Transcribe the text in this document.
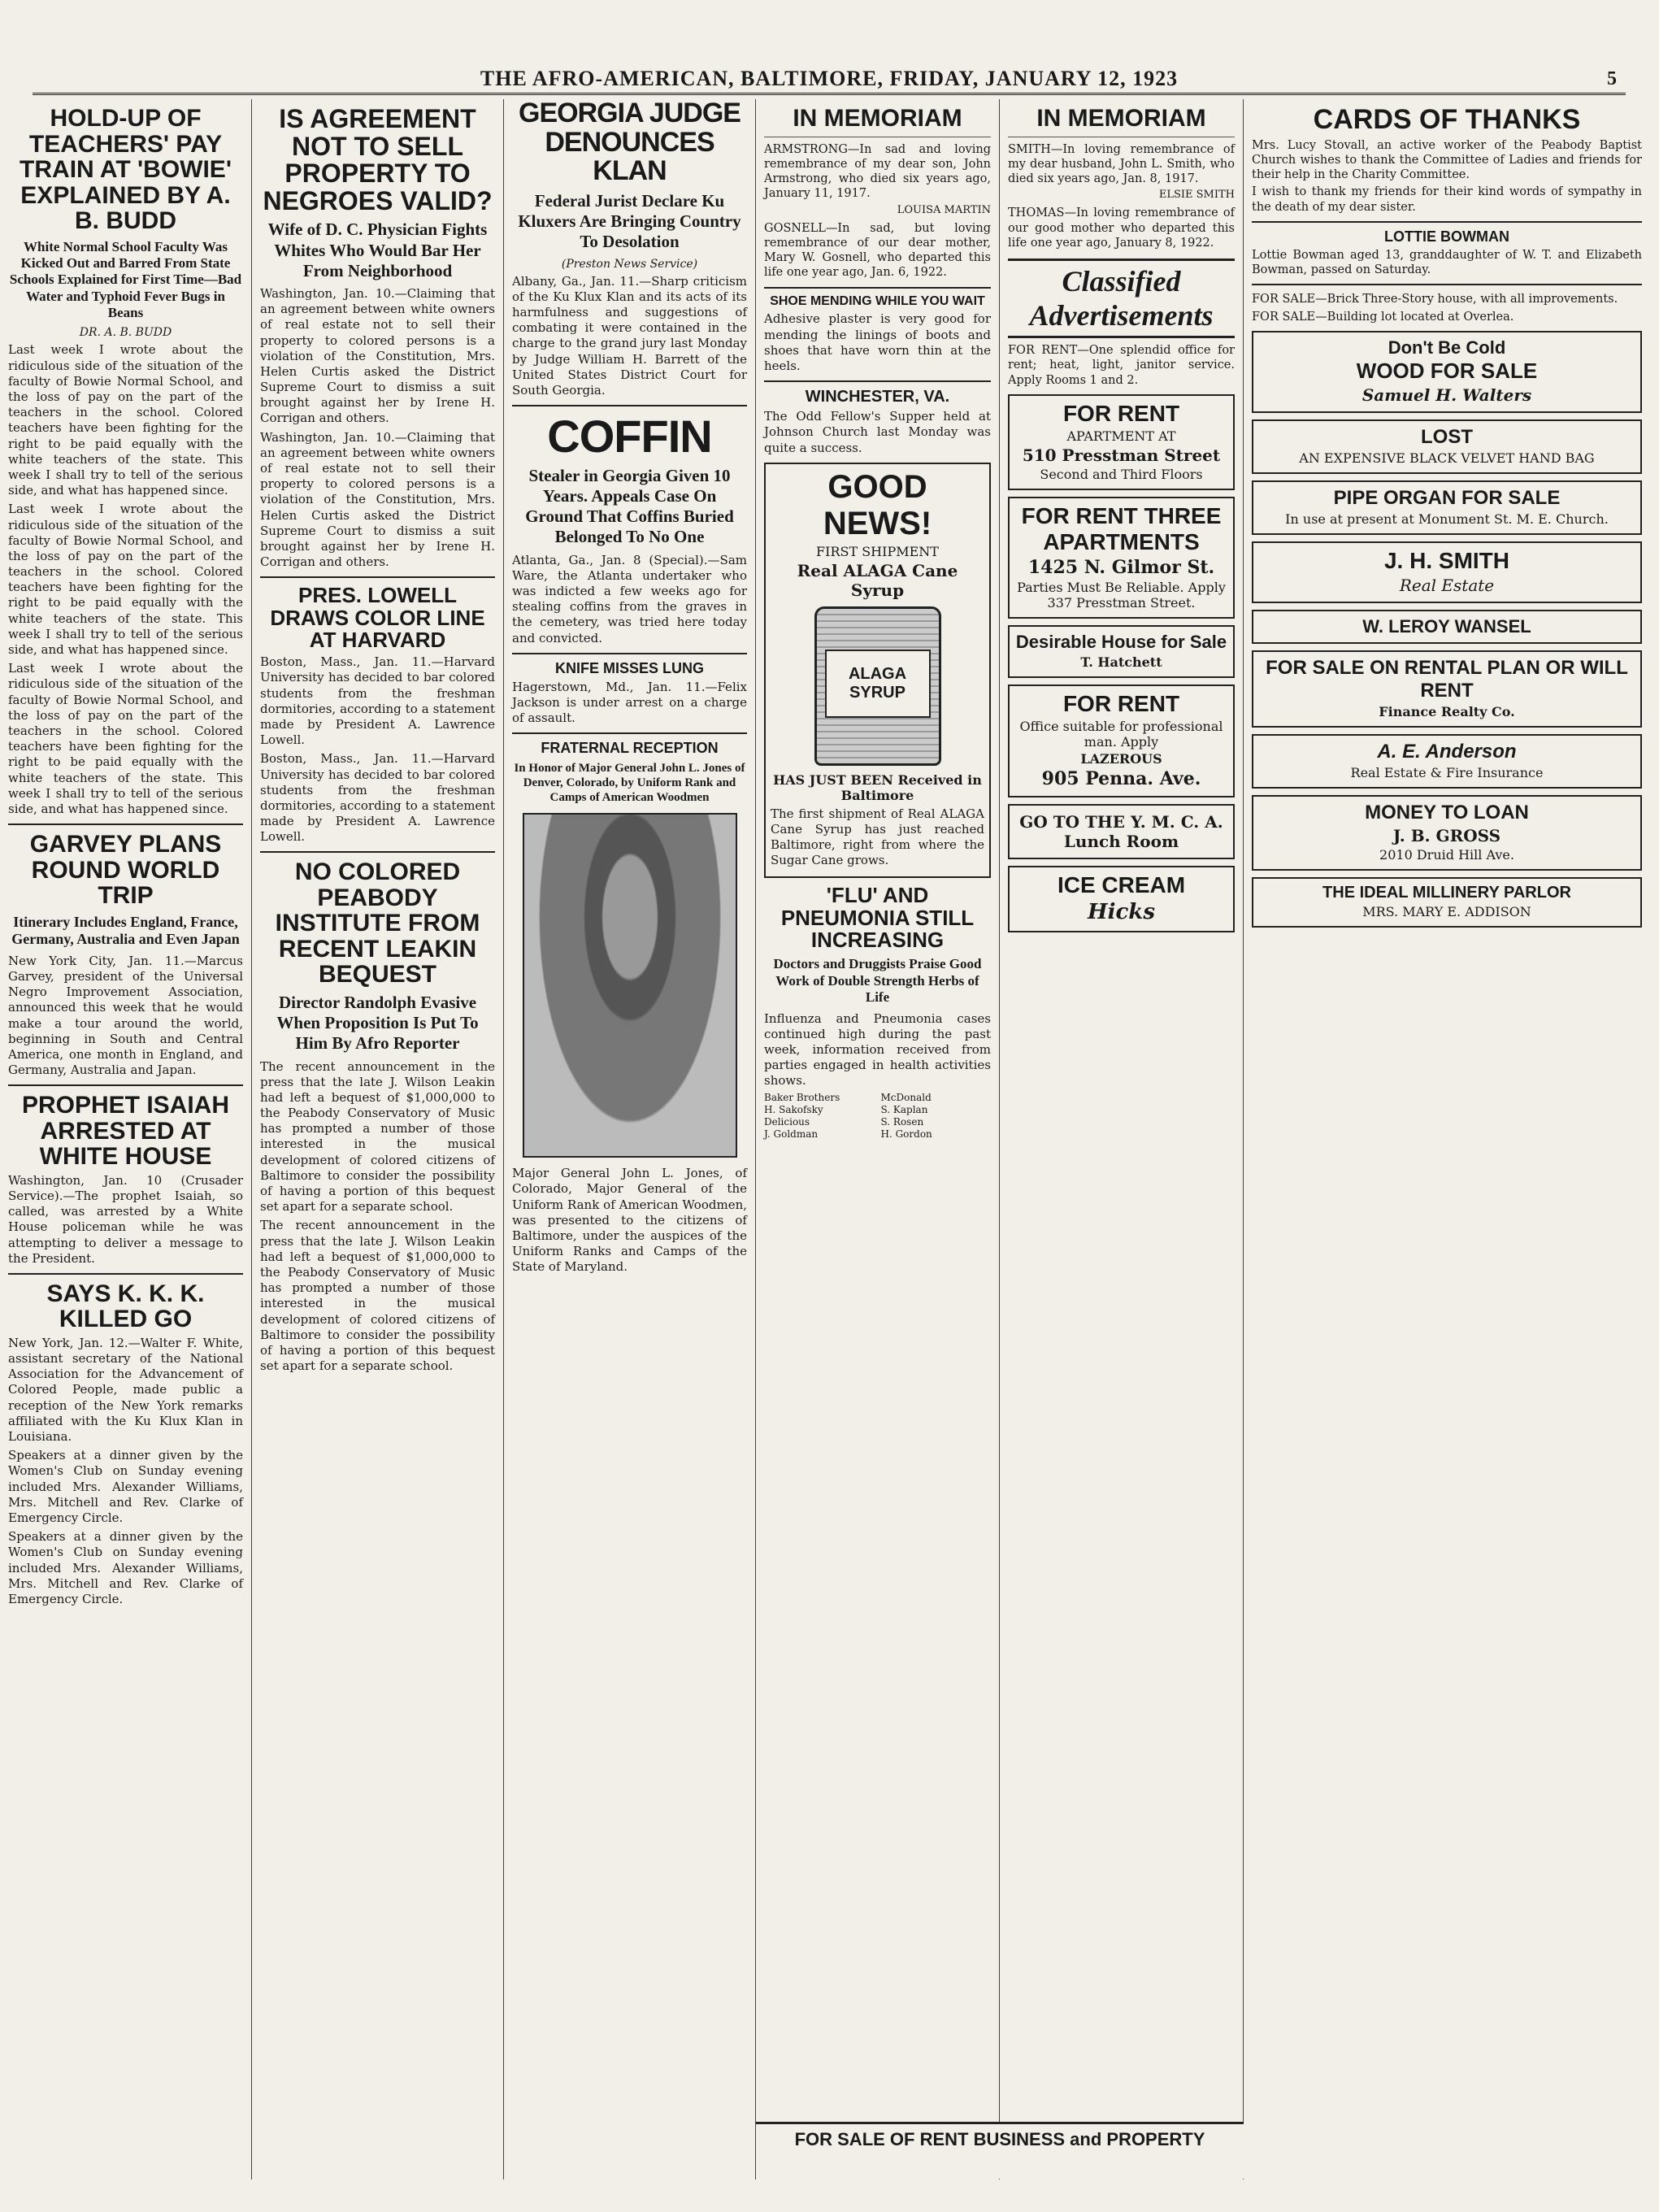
THE AFRO-AMERICAN, BALTIMORE, FRIDAY, JANUARY 12, 1923	5
HOLD-UP OF TEACHERS' PAY TRAIN AT 'BOWIE' EXPLAINED BY A. B. BUDD
White Normal School Faculty Was Kicked Out and Barred From State Schools Explained for First Time—Bad Water and Typhoid Fever Bugs in Beans
DR. A. B. BUDD

Last week I wrote about the ridiculous side of the situation of the faculty of Bowie Normal School, and the loss of pay on the part of the teachers in the school. Colored teachers have been fighting for the right to be paid equally with the white teachers of the state. This week I shall try to tell of the serious side, and what has happened since.

Last week I wrote about the ridiculous side of the situation of the faculty of Bowie Normal School, and the loss of pay on the part of the teachers in the school. Colored teachers have been fighting for the right to be paid equally with the white teachers of the state. This week I shall try to tell of the serious side, and what has happened since.

Last week I wrote about the ridiculous side of the situation of the faculty of Bowie Normal School, and the loss of pay on the part of the teachers in the school. Colored teachers have been fighting for the right to be paid equally with the white teachers of the state. This week I shall try to tell of the serious side, and what has happened since.

GARVEY PLANS ROUND WORLD TRIP
Itinerary Includes England, France, Germany, Australia and Even Japan

New York City, Jan. 11.—Marcus Garvey, president of the Universal Negro Improvement Association, announced this week that he would make a tour around the world, beginning in South and Central America, one month in England, and Germany, Australia and Japan.

PROPHET ISAIAH ARRESTED AT WHITE HOUSE

Washington, Jan. 10 (Crusader Service).—The prophet Isaiah, so called, was arrested by a White House policeman while he was attempting to deliver a message to the President.

SAYS K. K. K. KILLED GO

New York, Jan. 12.—Walter F. White, assistant secretary of the National Association for the Advancement of Colored People, made public a reception of the New York remarks affiliated with the Ku Klux Klan in Louisiana.

Speakers at a dinner given by the Women's Club on Sunday evening included Mrs. Alexander Williams, Mrs. Mitchell and Rev. Clarke of Emergency Circle.

Speakers at a dinner given by the Women's Club on Sunday evening included Mrs. Alexander Williams, Mrs. Mitchell and Rev. Clarke of Emergency Circle.

IS AGREEMENT NOT TO SELL PROPERTY TO NEGROES VALID?
Wife of D. C. Physician Fights Whites Who Would Bar Her From Neighborhood

Washington, Jan. 10.—Claiming that an agreement between white owners of real estate not to sell their property to colored persons is a violation of the Constitution, Mrs. Helen Curtis asked the District Supreme Court to dismiss a suit brought against her by Irene H. Corrigan and others.

Washington, Jan. 10.—Claiming that an agreement between white owners of real estate not to sell their property to colored persons is a violation of the Constitution, Mrs. Helen Curtis asked the District Supreme Court to dismiss a suit brought against her by Irene H. Corrigan and others.

PRES. LOWELL DRAWS COLOR LINE AT HARVARD

Boston, Mass., Jan. 11.—Harvard University has decided to bar colored students from the freshman dormitories, according to a statement made by President A. Lawrence Lowell.

Boston, Mass., Jan. 11.—Harvard University has decided to bar colored students from the freshman dormitories, according to a statement made by President A. Lawrence Lowell.

NO COLORED PEABODY INSTITUTE FROM RECENT LEAKIN BEQUEST
Director Randolph Evasive When Proposition Is Put To Him By Afro Reporter

The recent announcement in the press that the late J. Wilson Leakin had left a bequest of $1,000,000 to the Peabody Conservatory of Music has prompted a number of those interested in the musical development of colored citizens of Baltimore to consider the possibility of having a portion of this bequest set apart for a separate school.

The recent announcement in the press that the late J. Wilson Leakin had left a bequest of $1,000,000 to the Peabody Conservatory of Music has prompted a number of those interested in the musical development of colored citizens of Baltimore to consider the possibility of having a portion of this bequest set apart for a separate school.

GEORGIA JUDGE DENOUNCES KLAN
Federal Jurist Declare Ku Kluxers Are Bringing Country To Desolation
(Preston News Service)

Albany, Ga., Jan. 11.—Sharp criticism of the Ku Klux Klan and its acts of its harmfulness and suggestions of combating it were contained in the charge to the grand jury last Monday by Judge William H. Barrett of the United States District Court for South Georgia.

COFFIN
Stealer in Georgia Given 10 Years. Appeals Case On Ground That Coffins Buried Belonged To No One

Atlanta, Ga., Jan. 8 (Special).—Sam Ware, the Atlanta undertaker who was indicted a few weeks ago for stealing coffins from the graves in the cemetery, was tried here today and convicted.

KNIFE MISSES LUNG

Hagerstown, Md., Jan. 11.—Felix Jackson is under arrest on a charge of assault.

FRATERNAL RECEPTION
In Honor of Major General John L. Jones of Denver, Colorado, by Uniform Rank and Camps of American Woodmen

Major General John L. Jones, of Colorado, Major General of the Uniform Rank of American Woodmen, was presented to the citizens of Baltimore, under the auspices of the Uniform Ranks and Camps of the State of Maryland.

IN MEMORIAM

ARMSTRONG—In sad and loving remembrance of my dear son, John Armstrong, who died six years ago, January 11, 1917.

LOUISA MARTIN

GOSNELL—In sad, but loving remembrance of our dear mother, Mary W. Gosnell, who departed this life one year ago, Jan. 6, 1922.

SHOE MENDING WHILE YOU WAIT

Adhesive plaster is very good for mending the linings of boots and shoes that have worn thin at the heels.

WINCHESTER, VA.

The Odd Fellow's Supper held at Johnson Church last Monday was quite a success.

GOOD NEWS!
FIRST SHIPMENT
Real ALAGA Cane Syrup
ALAGA SYRUP
HAS JUST BEEN Received in Baltimore

The first shipment of Real ALAGA Cane Syrup has just reached Baltimore, right from where the Sugar Cane grows.

'FLU' AND PNEUMONIA STILL INCREASING
Doctors and Druggists Praise Good Work of Double Strength Herbs of Life

Influenza and Pneumonia cases continued high during the past week, information received from parties engaged in health activities shows.

Baker Brothers
H. Sakofsky
Delicious
J. Goldman
McDonald
S. Kaplan
S. Rosen
H. Gordon
IN MEMORIAM

SMITH—In loving remembrance of my dear husband, John L. Smith, who died six years ago, Jan. 8, 1917.

ELSIE SMITH

THOMAS—In loving remembrance of our good mother who departed this life one year ago, January 8, 1922.

Classified Advertisements

FOR RENT—One splendid office for rent; heat, light, janitor service. Apply Rooms 1 and 2.

FOR RENT
APARTMENT AT
510 Presstman Street
Second and Third Floors
FOR RENT THREE APARTMENTS
1425 N. Gilmor St.
Parties Must Be Reliable. Apply 337 Presstman Street.
Desirable House for Sale
T. Hatchett
FOR RENT
Office suitable for professional man. Apply
LAZEROUS
905 Penna. Ave.
GO TO THE Y. M. C. A. Lunch Room
ICE CREAM
Hicks
CARDS OF THANKS

Mrs. Lucy Stovall, an active worker of the Peabody Baptist Church wishes to thank the Committee of Ladies and friends for their help in the Charity Committee.

I wish to thank my friends for their kind words of sympathy in the death of my dear sister.

LOTTIE BOWMAN

Lottie Bowman aged 13, granddaughter of W. T. and Elizabeth Bowman, passed on Saturday.

FOR SALE—Brick Three-Story house, with all improvements.

FOR SALE—Building lot located at Overlea.

Don't Be Cold
WOOD FOR SALE
Samuel H. Walters
LOST
AN EXPENSIVE BLACK VELVET HAND BAG
PIPE ORGAN FOR SALE
In use at present at Monument St. M. E. Church.
J. H. SMITH
Real Estate
W. LEROY WANSEL
FOR SALE ON RENTAL PLAN OR WILL RENT
Finance Realty Co.
A. E. Anderson
Real Estate & Fire Insurance
MONEY TO LOAN
J. B. GROSS
2010 Druid Hill Ave.
THE IDEAL MILLINERY PARLOR
MRS. MARY E. ADDISON
FOR SALE OF RENT BUSINESS and PROPERTY
